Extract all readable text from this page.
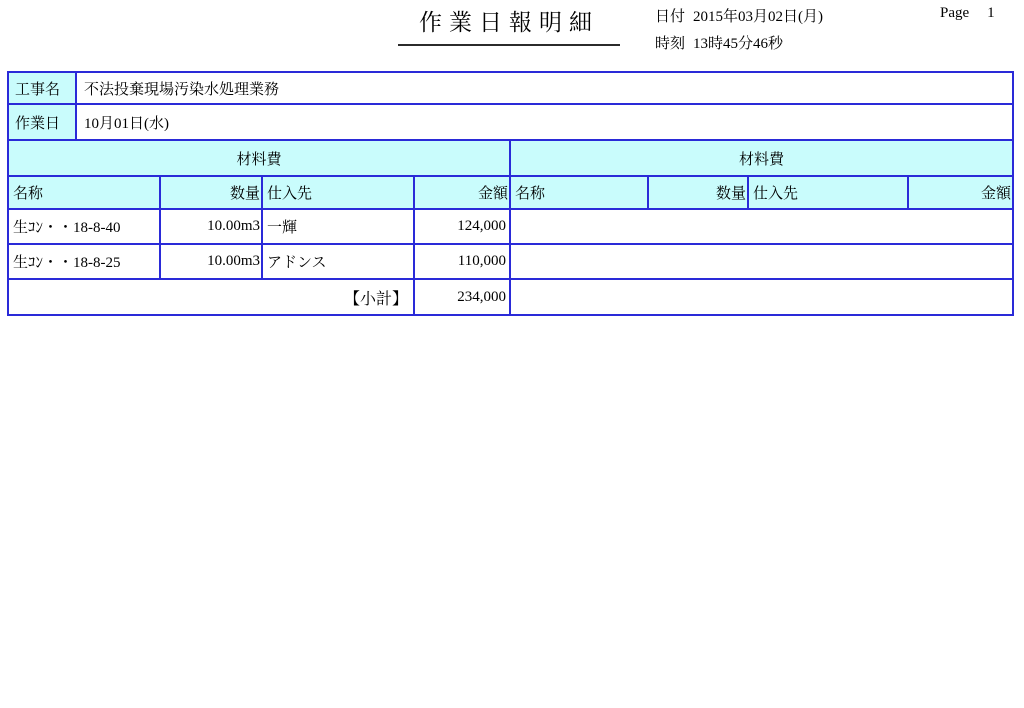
作業日報明細	日付 2015年03月02日(月)
時刻 13時45分46秒
Page 1
工事名	不法投棄現場汚染水処理業務							
作業日	10月01日(水)							
材料費					材料費			
名称		数量	仕入先	金額	名称	数量	仕入先	金額
生ｺﾝ・・18-8-40		10.00m3	一輝	124,000				
生ｺﾝ・・18-8-25		10.00m3	アドンス	110,000				
【小計】				234,000				
